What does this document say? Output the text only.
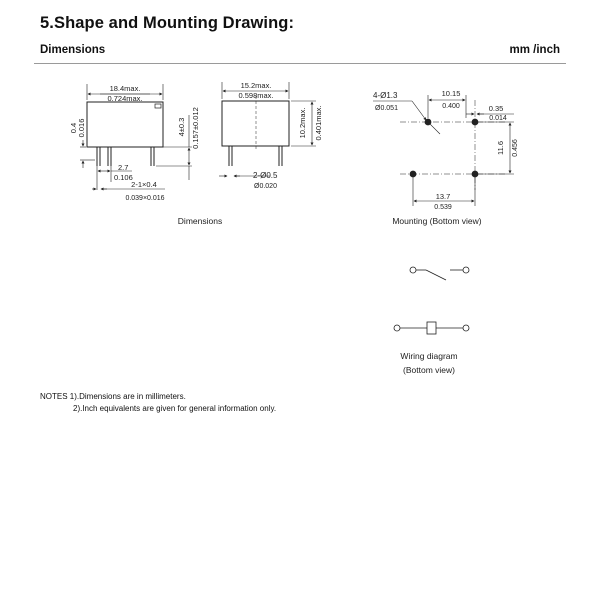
5.Shape and Mounting Drawing:
Dimensions	mm /inch
18.4max.
0.724max.
0.4 0.016	4±0.3 0.157±0.012
2.7
0.106
2-1×0.4
0.039×0.016
15.2max.
0.598max.
10.2max. 0.401max.
2-Ø0.5
Ø0.020
Dimensions
4-Ø1.3
Ø0.051
10.15
0.400	0.35
0.014
11.6 0.456
13.7
0.539
Mounting (Bottom view)
Wiring diagram
(Bottom view)
NOTES 1).Dimensions are in millimeters.
2).Inch equivalents are given for general information only.
